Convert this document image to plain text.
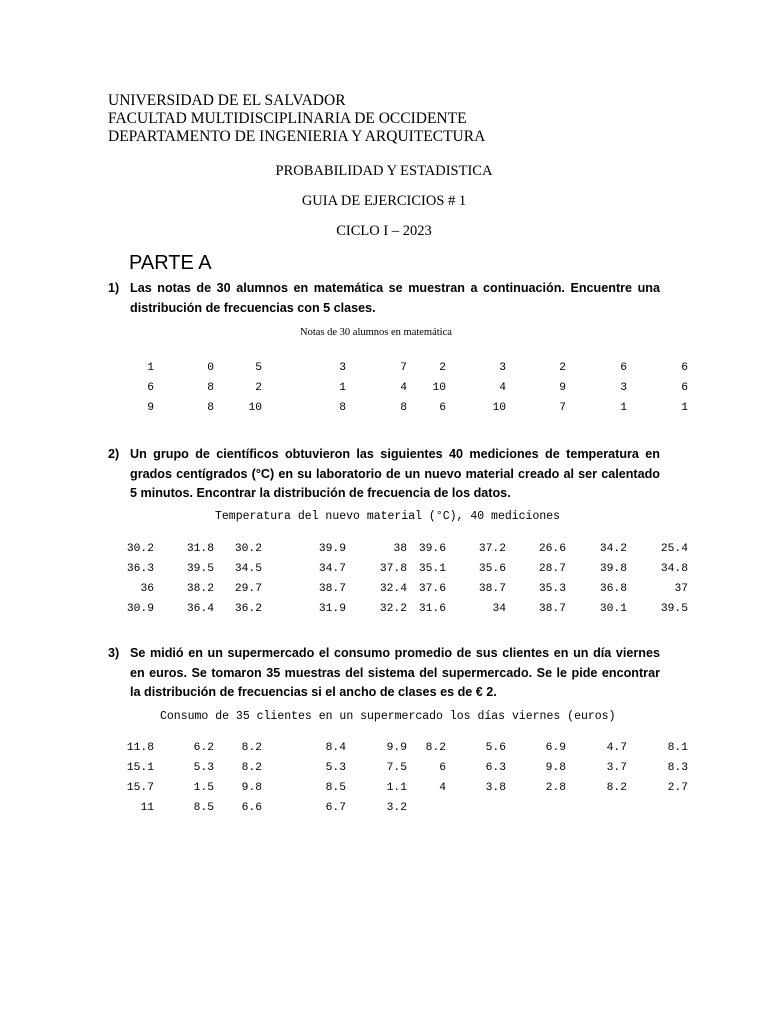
UNIVERSIDAD DE EL SALVADOR
FACULTAD MULTIDISCIPLINARIA DE OCCIDENTE
DEPARTAMENTO DE INGENIERIA Y ARQUITECTURA
PROBABILIDAD Y ESTADISTICA
GUIA DE EJERCICIOS # 1
CICLO I – 2023
PARTE A
1) Las notas de 30 alumnos en matemática se muestran a continuación. Encuentre una distribución de frecuencias con 5 clases.
Notas de 30 alumnos en matemática
1	0	5	3	7	2	3	2	6	6
6	8	2	1	4	10	4	9	3	6
9	8	10	8	8	6	10	7	1	1
2) Un grupo de científicos obtuvieron las siguientes 40 mediciones de temperatura en grados centígrados (°C) en su laboratorio de un nuevo material creado al ser calentado 5 minutos. Encontrar la distribución de frecuencia de los datos.
Temperatura del nuevo material (°C), 40 mediciones
30.2	31.8	30.2	39.9	38	39.6	37.2	26.6	34.2	25.4
36.3	39.5	34.5	34.7	37.8	35.1	35.6	28.7	39.8	34.8
36	38.2	29.7	38.7	32.4	37.6	38.7	35.3	36.8	37
30.9	36.4	36.2	31.9	32.2	31.6	34	38.7	30.1	39.5
3) Se midió en un supermercado el consumo promedio de sus clientes en un día viernes en euros. Se tomaron 35 muestras del sistema del supermercado. Se le pide encontrar la distribución de frecuencias si el ancho de clases es de € 2.
Consumo de 35 clientes en un supermercado los días viernes (euros)
11.8	6.2	8.2	8.4	9.9	8.2	5.6	6.9	4.7	8.1
15.1	5.3	8.2	5.3	7.5	6	6.3	9.8	3.7	8.3
15.7	1.5	9.8	8.5	1.1	4	3.8	2.8	8.2	2.7
11	8.5	6.6	6.7	3.2
